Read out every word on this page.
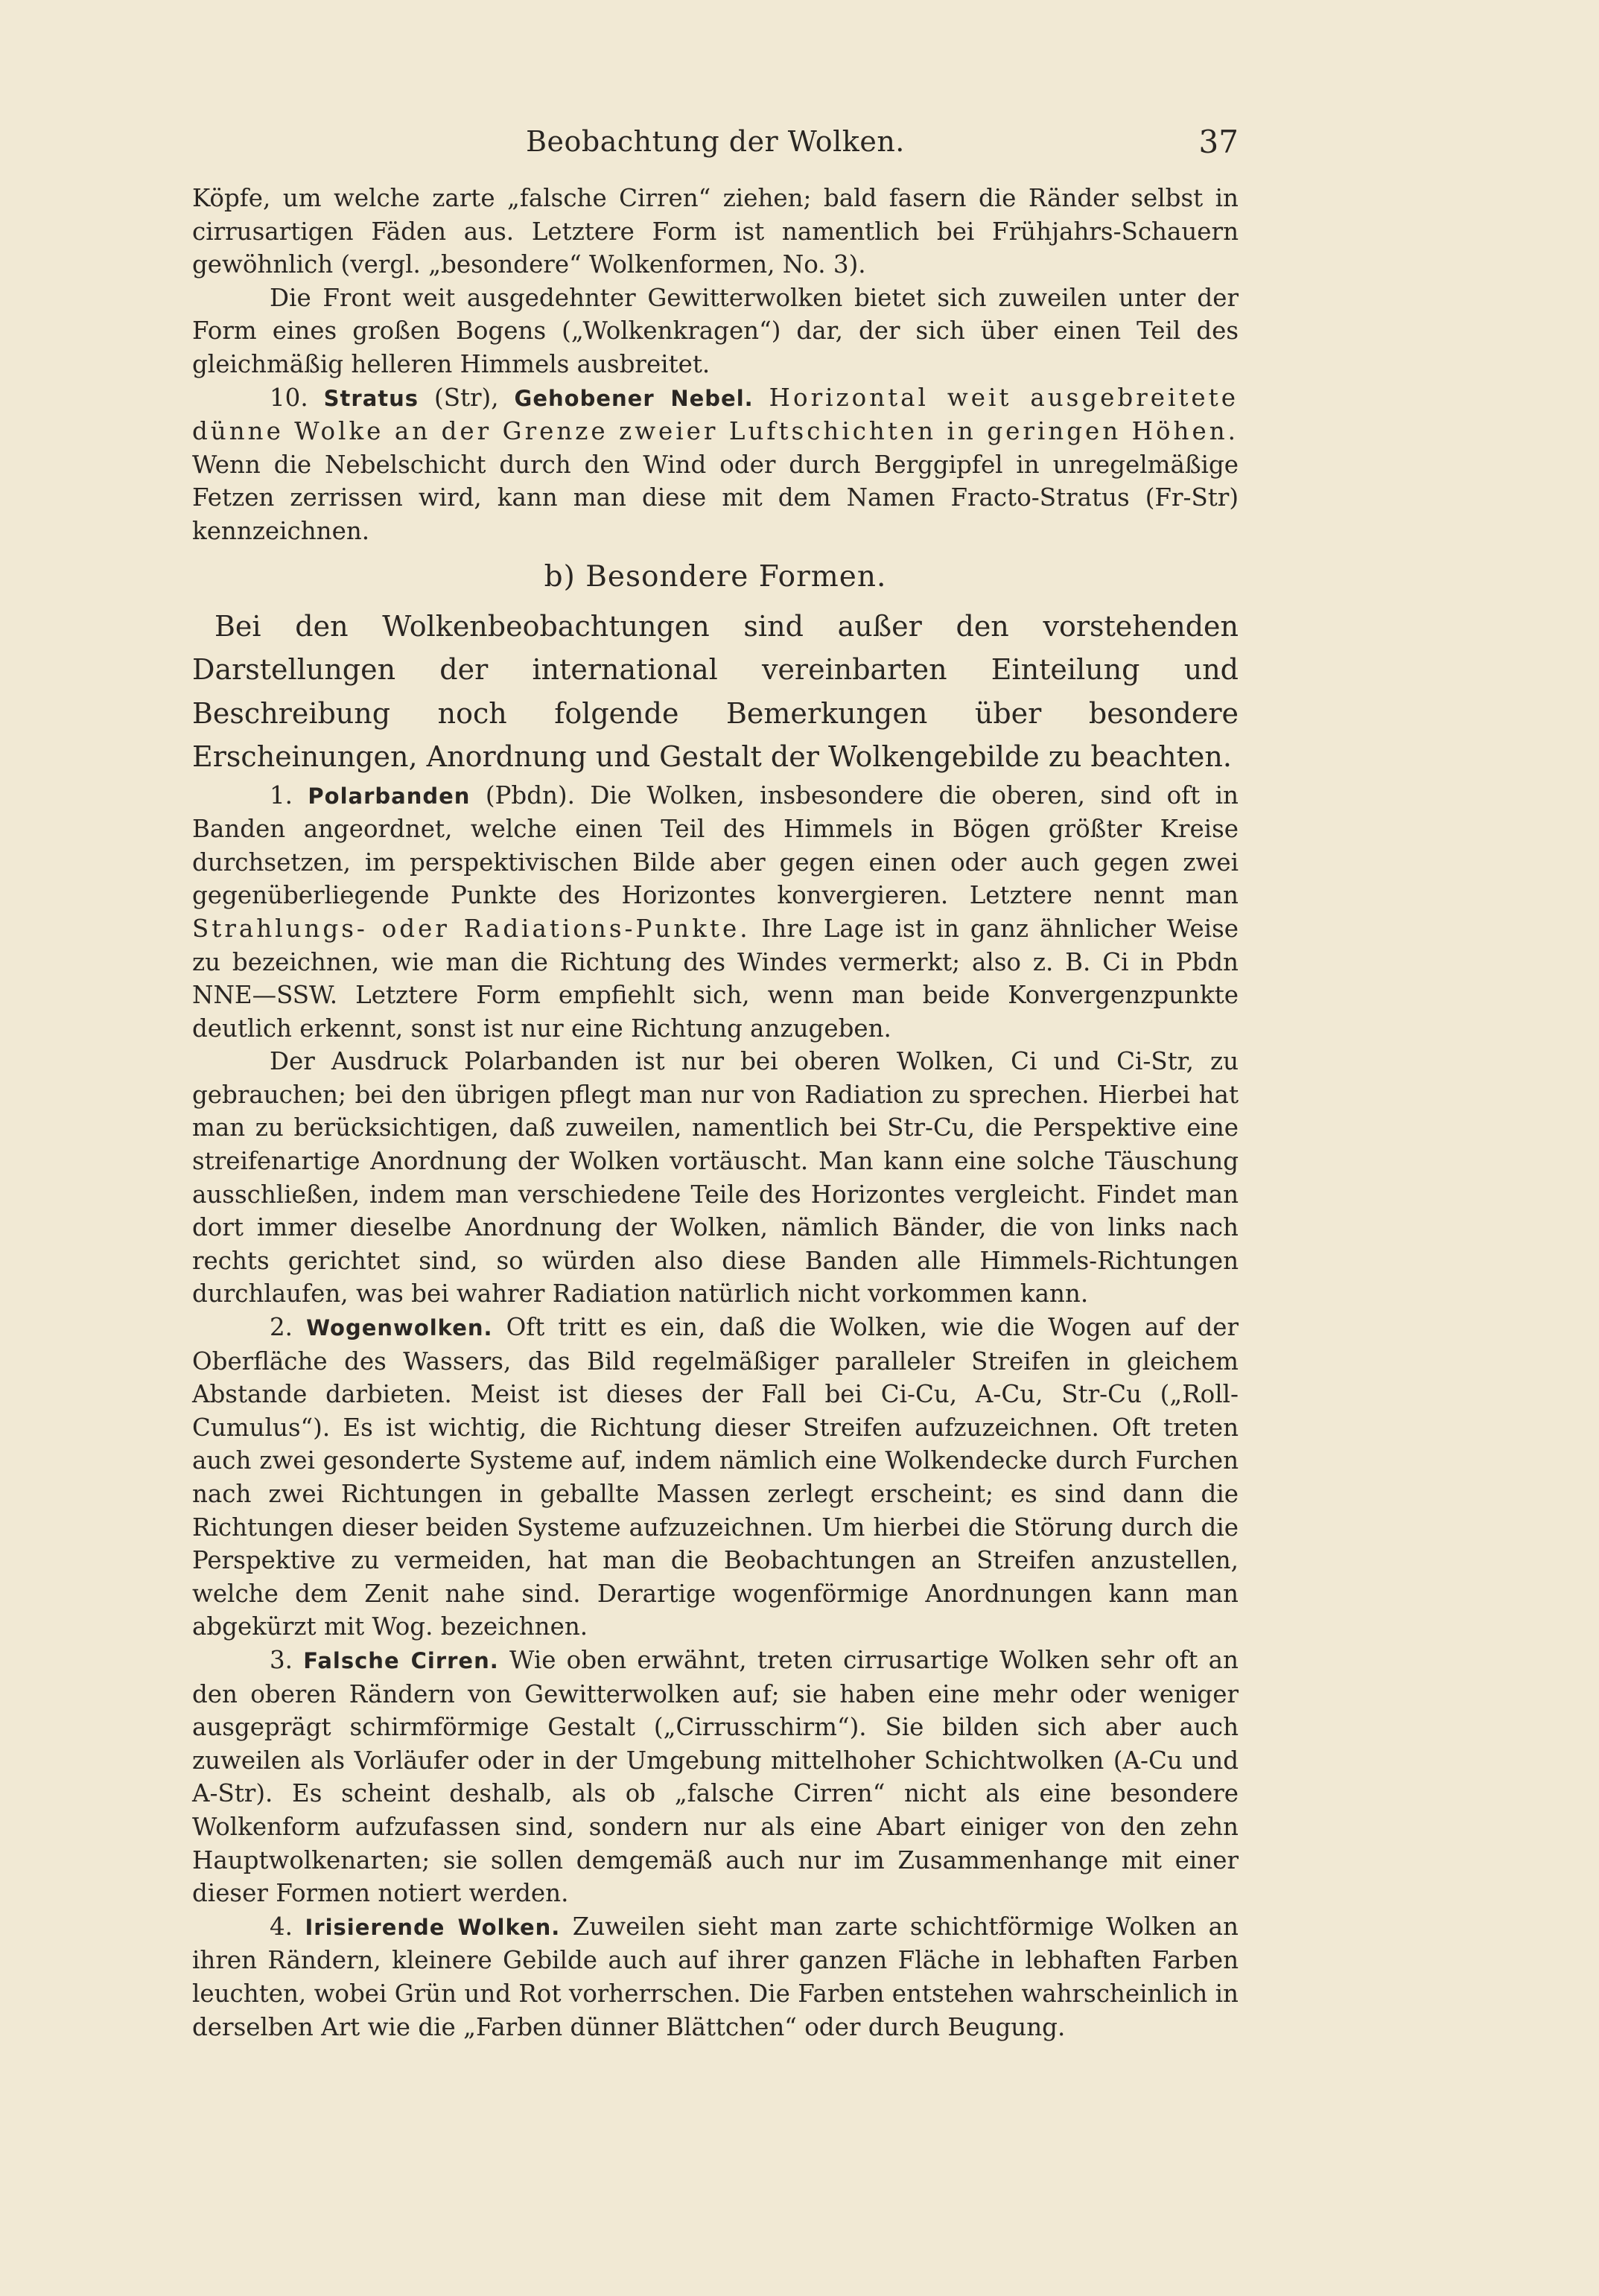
Beobachtung der Wolken.	37

Köpfe, um welche zarte „falsche Cirren“ ziehen; bald fasern die Ränder selbst in cirrusartigen Fäden aus. Letztere Form ist namentlich bei Frühjahrs-Schauern gewöhnlich (vergl. „besondere“ Wolkenformen, No. 3).

Die Front weit ausgedehnter Gewitterwolken bietet sich zuweilen unter der Form eines großen Bogens („Wolkenkragen“) dar, der sich über einen Teil des gleichmäßig helleren Himmels ausbreitet.

10. Stratus (Str), Gehobener Nebel. Horizontal weit ausgebreitete dünne Wolke an der Grenze zweier Luftschichten in geringen Höhen. Wenn die Nebelschicht durch den Wind oder durch Berggipfel in unregelmäßige Fetzen zerrissen wird, kann man diese mit dem Namen Fracto-Stratus (Fr-Str) kennzeichnen.

b) Besondere Formen.

Bei den Wolkenbeobachtungen sind außer den vorstehenden Darstellungen der international vereinbarten Einteilung und Beschreibung noch folgende Bemerkungen über besondere Erscheinungen, Anordnung und Gestalt der Wolkengebilde zu beachten.

1. Polarbanden (Pbdn). Die Wolken, insbesondere die oberen, sind oft in Banden angeordnet, welche einen Teil des Himmels in Bögen größter Kreise durchsetzen, im perspektivischen Bilde aber gegen einen oder auch gegen zwei gegenüberliegende Punkte des Horizontes konvergieren. Letztere nennt man Strahlungs- oder Radiations-Punkte. Ihre Lage ist in ganz ähnlicher Weise zu bezeichnen, wie man die Richtung des Windes vermerkt; also z. B. Ci in Pbdn NNE—SSW. Letztere Form empfiehlt sich, wenn man beide Konvergenzpunkte deutlich erkennt, sonst ist nur eine Richtung anzugeben.

Der Ausdruck Polarbanden ist nur bei oberen Wolken, Ci und Ci-Str, zu gebrauchen; bei den übrigen pflegt man nur von Radiation zu sprechen. Hierbei hat man zu berücksichtigen, daß zuweilen, namentlich bei Str-Cu, die Perspektive eine streifenartige Anordnung der Wolken vortäuscht. Man kann eine solche Täuschung ausschließen, indem man verschiedene Teile des Horizontes vergleicht. Findet man dort immer dieselbe Anordnung der Wolken, nämlich Bänder, die von links nach rechts gerichtet sind, so würden also diese Banden alle Himmels-Richtungen durchlaufen, was bei wahrer Radiation natürlich nicht vorkommen kann.

2. Wogenwolken. Oft tritt es ein, daß die Wolken, wie die Wogen auf der Oberfläche des Wassers, das Bild regelmäßiger paralleler Streifen in gleichem Abstande darbieten. Meist ist dieses der Fall bei Ci-Cu, A-Cu, Str-Cu („Roll-Cumulus“). Es ist wichtig, die Richtung dieser Streifen aufzuzeichnen. Oft treten auch zwei gesonderte Systeme auf, indem nämlich eine Wolkendecke durch Furchen nach zwei Richtungen in geballte Massen zerlegt erscheint; es sind dann die Richtungen dieser beiden Systeme aufzuzeichnen. Um hierbei die Störung durch die Perspektive zu vermeiden, hat man die Beobachtungen an Streifen anzustellen, welche dem Zenit nahe sind. Derartige wogenförmige Anordnungen kann man abgekürzt mit Wog. bezeichnen.

3. Falsche Cirren. Wie oben erwähnt, treten cirrusartige Wolken sehr oft an den oberen Rändern von Gewitterwolken auf; sie haben eine mehr oder weniger ausgeprägt schirmförmige Gestalt („Cirrusschirm“). Sie bilden sich aber auch zuweilen als Vorläufer oder in der Umgebung mittelhoher Schichtwolken (A-Cu und A-Str). Es scheint deshalb, als ob „falsche Cirren“ nicht als eine besondere Wolkenform aufzufassen sind, sondern nur als eine Abart einiger von den zehn Hauptwolkenarten; sie sollen demgemäß auch nur im Zusammenhange mit einer dieser Formen notiert werden.

4. Irisierende Wolken. Zuweilen sieht man zarte schichtförmige Wolken an ihren Rändern, kleinere Gebilde auch auf ihrer ganzen Fläche in lebhaften Farben leuchten, wobei Grün und Rot vorherrschen. Die Farben entstehen wahrscheinlich in derselben Art wie die „Farben dünner Blättchen“ oder durch Beugung.
